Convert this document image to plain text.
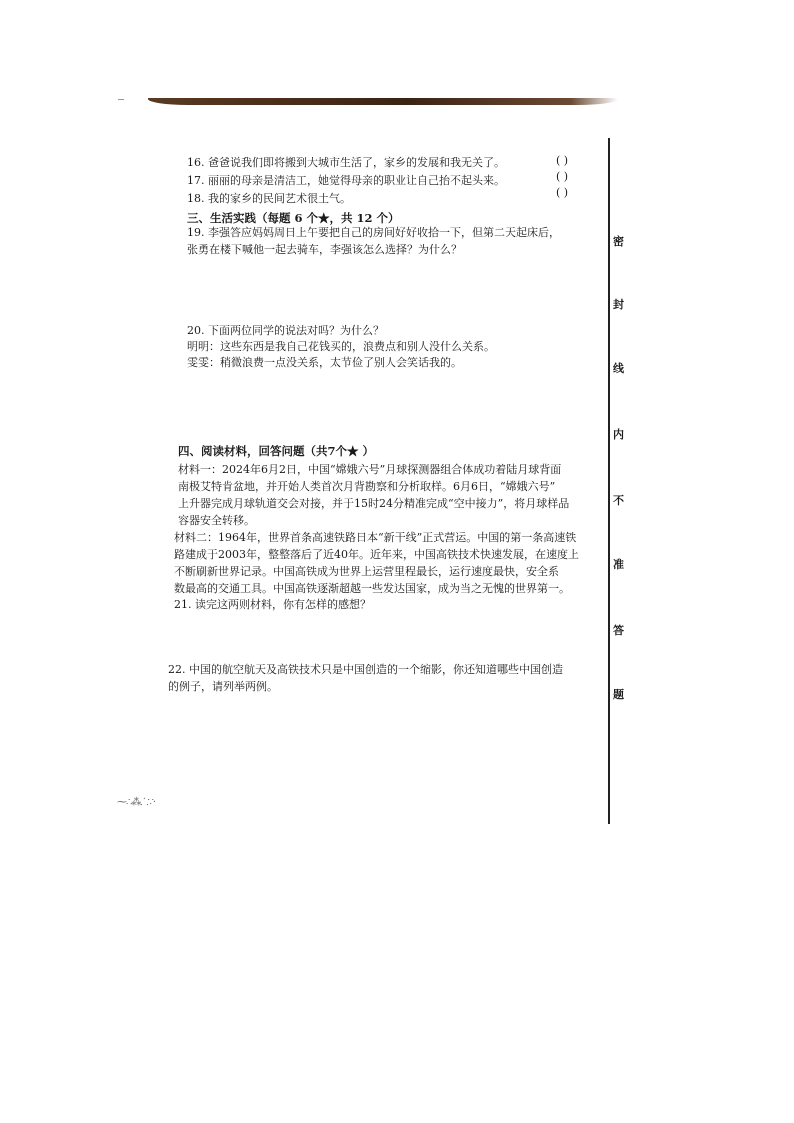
16. 爸爸说我们即将搬到大城市生活了，家乡的发展和我无关了。	( )
17. 丽丽的母亲是清洁工，她觉得母亲的职业让自己抬不起头来。	( )
18. 我的家乡的民间艺术很土气。	( )
三、生活实践（每题 6 个★，共 12 个）
19. 李强答应妈妈周日上午要把自己的房间好好收拾一下，但第二天起床后，
张勇在楼下喊他一起去骑车，李强该怎么选择？为什么？
20. 下面两位同学的说法对吗？为什么？
明明：这些东西是我自己花钱买的，浪费点和别人没什么关系。
雯雯：稍微浪费一点没关系，太节俭了别人会笑话我的。
四、阅读材料，回答问题（共7个★ ）
材料一：2024年6月2日，中国“嫦娥六号”月球探测器组合体成功着陆月球背面
南极艾特肯盆地，并开始人类首次月背勘察和分析取样。6月6日，“嫦娥六号”
上升器完成月球轨道交会对接，并于15时24分精准完成“空中接力”，将月球样品
容器安全转移。
材料二：1964年，世界首条高速铁路日本“新干线”正式营运。中国的第一条高速铁
路建成于2003年，整整落后了近40年。近年来，中国高铁技术快速发展，在速度上
不断刷新世界记录。中国高铁成为世界上运营里程最长，运行速度最快，安全系
数最高的交通工具。中国高铁逐渐超越一些发达国家，成为当之无愧的世界第一。
21. 读完这两则材料，你有怎样的感想？
22. 中国的航空航天及高铁技术只是中国创造的一个缩影，你还知道哪些中国创造
的例子，请列举两例。
密
封
线
内
不
准
答
题
⁓∴⁂⸫∵·
